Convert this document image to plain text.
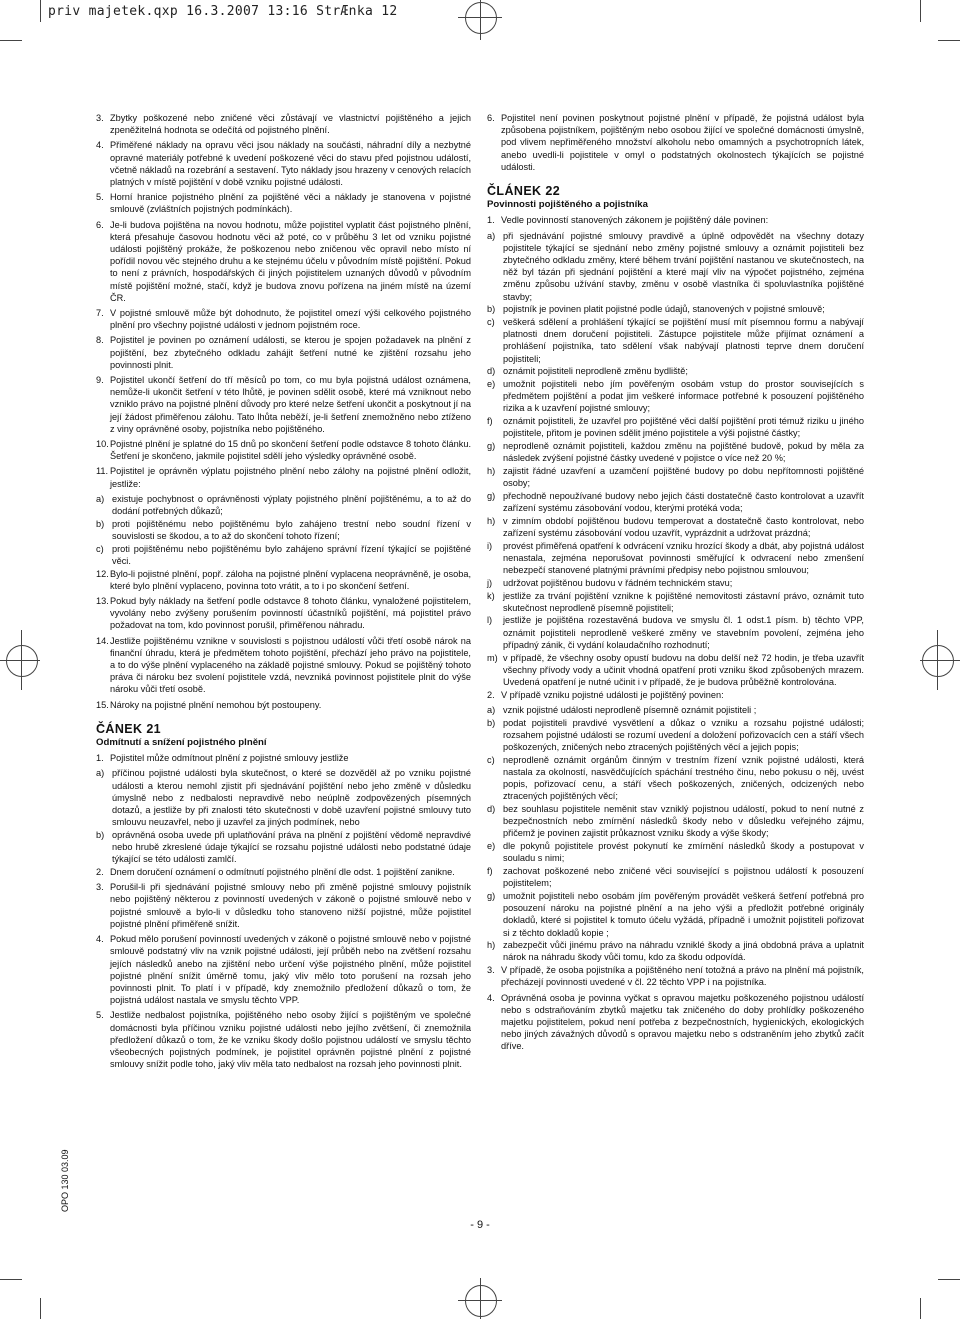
priv majetek.qxp 16.3.2007 13:16 StrÆnka 12
3. Zbytky poškozené nebo zničené věci zůstávají ve vlastnictví pojištěného a jejich zpeněžitelná hodnota se odečítá od pojistného plnění.
4. Přiměřené náklady na opravu věci jsou náklady na součásti, náhradní díly a nezbytné opravné materiály potřebné k uvedení poškozené věci do stavu před pojistnou událostí, včetně nákladů na rozebrání a sestavení. Tyto náklady jsou hrazeny v cenových relacích platných v místě pojištění v době vzniku pojistné události.
5. Horní hranice pojistného plnění za pojištěné věci a náklady je stanovena v pojistné smlouvě (zvláštních pojistných podmínkách).
6. Je-li budova pojištěna na novou hodnotu, může pojistitel vyplatit část pojistného plnění, která přesahuje časovou hodnotu věci až poté, co v průběhu 3 let od vzniku pojistné události pojištěný prokáže, že poškozenou nebo zničenou věc opravil nebo místo ní pořídil novou věc stejného druhu a ke stejnému účelu v původním místě pojištění. Pokud to není z právních, hospodářských či jiných pojistitelem uznaných důvodů v původním místě pojištění možné, stačí, když je budova znovu pořízena na jiném místě na území ČR.
7. V pojistné smlouvě může být dohodnuto, že pojistitel omezí výši celkového pojistného plnění pro všechny pojistné události v jednom pojistném roce.
8. Pojistitel je povinen po oznámení události, se kterou je spojen požadavek na plnění z pojištění, bez zbytečného odkladu zahájit šetření nutné ke zjištění rozsahu jeho povinnosti plnit.
9. Pojistitel ukončí šetření do tří měsíců po tom, co mu byla pojistná událost oznámena, nemůže-li ukončit šetření v této lhůtě, je povinen sdělit osobě, které má vzniknout nebo vzniklo právo na pojistné plnění důvody pro které nelze šetření ukončit a poskytnout jí na její žádost přiměřenou zálohu. Tato lhůta neběží, je-li šetření znemožněno nebo ztíženo z viny oprávněné osoby, pojistníka nebo pojištěného.
10. Pojistné plnění je splatné do 15 dnů po skončení šetření podle odstavce 8 tohoto článku. Šetření je skončeno, jakmile pojistitel sdělí jeho výsledky oprávněné osobě.
11. Pojistitel je oprávněn výplatu pojistného plnění nebo zálohy na pojistné plnění odložit, jestliže:
a) existuje pochybnost o oprávněnosti výplaty pojistného plnění pojištěnému, a to až do dodání potřebných důkazů;
b) proti pojištěnému nebo pojištěnému bylo zahájeno trestní nebo soudní řízení v souvislosti se škodou, a to až do skončení tohoto řízení;
c) proti pojištěnému nebo pojištěnému bylo zahájeno správní řízení týkající se pojištěné věci.
12. Bylo-li pojistné plnění, popř. záloha na pojistné plnění vyplacena neoprávněně, je osoba, které bylo plnění vyplaceno, povinna toto vrátit, a to i po skončení šetření.
13. Pokud byly náklady na šetření podle odstavce 8 tohoto článku, vynaložené pojistitelem, vyvolány nebo zvýšeny porušením povinností účastníků pojištění, má pojistitel právo požadovat na tom, kdo povinnost porušil, přiměřenou náhradu.
14. Jestliže pojištěnému vznikne v souvislosti s pojistnou událostí vůči třetí osobě nárok na finanční úhradu, která je předmětem tohoto pojištění, přechází jeho právo na pojistitele, a to do výše plnění vyplaceného na základě pojistné smlouvy. Pokud se pojištěný tohoto práva či nároku bez svolení pojistitele vzdá, nevzniká povinnost pojistitele plnit do výše nároku vůči třetí osobě.
15. Nároky na pojistné plnění nemohou být postoupeny.
ČÁNEK 21
Odmítnutí a snížení pojistného plnění
1. Pojistitel může odmítnout plnění z pojistné smlouvy jestliže
a) příčinou pojistné události byla skutečnost, o které se dozvěděl až po vzniku pojistné události a kterou nemohl zjistit při sjednávání pojištění nebo jeho změně v důsledku úmyslně nebo z nedbalosti nepravdivě nebo neúplně zodpovězených písemných dotazů, a jestliže by při znalosti této skutečnosti v době uzavření pojistné smlouvy tuto smlouvu neuzavřel, nebo ji uzavřel za jiných podmínek, nebo
b) oprávněná osoba uvede při uplatňování práva na plnění z pojištění vědomě nepravdivé nebo hrubě zkreslené údaje týkající se rozsahu pojistné události nebo podstatné údaje týkající se této události zamlčí.
2. Dnem doručení oznámení o odmítnutí pojistného plnění dle odst. 1 pojištění zanikne.
3. Porušil-li při sjednávání pojistné smlouvy nebo při změně pojistné smlouvy pojistník nebo pojištěný některou z povinností uvedených v zákoně o pojistné smlouvě nebo v pojistné smlouvě a bylo-li v důsledku toho stanoveno nižší pojistné, může pojistitel pojistné plnění přiměřeně snížit.
4. Pokud mělo porušení povinností uvedených v zákoně o pojistné smlouvě nebo v pojistné smlouvě podstatný vliv na vznik pojistné události, její průběh nebo na zvětšení rozsahu jejích následků anebo na zjištění nebo určení výše pojistného plnění, může pojistitel pojistné plnění snížit úměrně tomu, jaký vliv mělo toto porušení na rozsah jeho povinnosti plnit. To platí i v případě, kdy znemožnilo předložení důkazů o tom, že pojistná událost nastala ve smyslu těchto VPP.
5. Jestliže nedbalost pojistníka, pojištěného nebo osoby žijící s pojištěným ve společné domácnosti byla příčinou vzniku pojistné události nebo jejího zvětšení, či znemožnila předložení důkazů o tom, že ke vzniku škody došlo pojistnou událostí ve smyslu těchto všeobecných pojistných podmínek, je pojistitel oprávněn pojistné plnění z pojistné smlouvy snížit podle toho, jaký vliv měla tato nedbalost na rozsah jeho povinnosti plnit.
6. Pojistitel není povinen poskytnout pojistné plnění v případě, že pojistná událost byla způsobena pojistníkem, pojištěným nebo osobou žijící ve společné domácnosti úmyslně, pod vlivem nepřiměřeného množství alkoholu nebo omamných a psychotropních látek, anebo uvedli-li pojistitele v omyl o podstatných okolnostech týkajících se pojistné události.
ČLÁNEK 22
Povinnosti pojištěného a pojistníka
1. Vedle povinností stanovených zákonem je pojištěný dále povinen:
a) při sjednávání pojistné smlouvy pravdivě a úplně odpovědět na všechny dotazy pojistitele týkající se sjednání nebo změny pojistné smlouvy a oznámit pojistiteli bez zbytečného odkladu změny, které během trvání pojištění nastanou ve skutečnostech, na něž byl tázán při sjednání pojištění a které mají vliv na výpočet pojistného, zejména změnu způsobu užívání stavby, změnu v osobě vlastníka či spoluvlastníka pojištěné stavby;
b) pojistník je povinen platit pojistné podle údajů, stanovených v pojistné smlouvě;
c) veškerá sdělení a prohlášení týkající se pojištění musí mít písemnou formu a nabývají platnosti dnem doručení pojistiteli. Zástupce pojistitele může přijímat oznámení a prohlášení pojistníka, tato sdělení však nabývají platnosti teprve dnem doručení pojistiteli;
d) oznámit pojistiteli neprodleně změnu bydliště;
e) umožnit pojistiteli nebo jím pověřeným osobám vstup do prostor souvisejících s předmětem pojištění a podat jim veškeré informace potřebné k posouzení pojištěného rizika a k uzavření pojistné smlouvy;
f) oznámit pojistiteli, že uzavřel pro pojištěné věci další pojištění proti témuž riziku u jiného pojistitele, přitom je povinen sdělit jméno pojistitele a výši pojistné částky;
g) neprodleně oznámit pojistiteli, každou změnu na pojištěné budově, pokud by měla za následek zvýšení pojistné částky uvedené v pojistce o více než 20 %;
h) zajistit řádné uzavření a uzamčení pojištěné budovy po dobu nepřítomnosti pojištěné osoby;
g) přechodně nepoužívané budovy nebo jejich části dostatečně často kontrolovat a uzavřít zařízení systému zásobování vodou, kterými protéká voda;
h) v zimním období pojištěnou budovu temperovat a dostatečně často kontrolovat, nebo zařízení systému zásobování vodou uzavřít, vyprázdnit a udržovat prázdná;
i) provést přiměřená opatření k odvrácení vzniku hrozící škody a dbát, aby pojistná událost nenastala, zejména neporušovat povinnosti směřující k odvracení nebo zmenšení nebezpečí stanovené platnými právními předpisy nebo pojistnou smlouvou;
j) udržovat pojištěnou budovu v řádném technickém stavu;
k) jestliže za trvání pojištění vznikne k pojištěné nemovitosti zástavní právo, oznámit tuto skutečnost neprodleně písemně pojistiteli;
l) jestliže je pojištěna rozestavěná budova ve smyslu čl. 1 odst.1 písm. b) těchto VPP, oznámit pojistiteli neprodleně veškeré změny ve stavebním povolení, zejména jeho případný zánik, či vydání kolaudačního rozhodnutí;
m) v případě, že všechny osoby opustí budovu na dobu delší než 72 hodin, je třeba uzavřít všechny přívody vody a učinit vhodná opatření proti vzniku škod způsobených mrazem. Uvedená opatření je nutné učinit i v případě, že je budova průběžně kontrolována.
2. V případě vzniku pojistné události je pojištěný povinen:
a) vznik pojistné události neprodleně písemně oznámit pojistiteli ;
b) podat pojistiteli pravdivé vysvětlení a důkaz o vzniku a rozsahu pojistné události; rozsahem pojistné události se rozumí uvedení a doložení pořizovacích cen a stáří všech poškozených, zničených nebo ztracených pojištěných věcí a jejich popis;
c) neprodleně oznámit orgánům činným v trestním řízení vznik pojistné události, která nastala za okolností, nasvědčujících spáchání trestného činu, nebo pokusu o něj, uvést popis, pořizovací cenu, a stáří všech poškozených, zničených, odcizených nebo ztracených pojištěných věcí;
d) bez souhlasu pojistitele neměnit stav vzniklý pojistnou událostí, pokud to není nutné z bezpečnostních nebo zmírnění následků škody nebo v důsledku veřejného zájmu, přičemž je povinen zajistit průkaznost vzniku škody a výše škody;
e) dle pokynů pojistitele provést pokynutí ke zmírnění následků škody a postupovat v souladu s nimi;
f) zachovat poškozené nebo zničené věci související s pojistnou událostí k posouzení pojistitelem;
g) umožnit pojistiteli nebo osobám jím pověřeným provádět veškerá šetření potřebná pro posouzení nároku na pojistné plnění a na jeho výši a předložit potřebné originály dokladů, které si pojistitel k tomuto účelu vyžádá, případně i umožnit pojistiteli pořizovat si z těchto dokladů kopie ;
h) zabezpečit vůči jinému právo na náhradu vzniklé škody a jiná obdobná práva a uplatnit nárok na náhradu škody vůči tomu, kdo za škodu odpovídá.
3. V případě, že osoba pojistníka a pojištěného není totožná a právo na plnění má pojistník, přecházejí povinnosti uvedené v čl. 22 těchto VPP i na pojistníka.
4. Oprávněná osoba je povinna vyčkat s opravou majetku poškozeného pojistnou událostí nebo s odstraňováním zbytků majetku tak zničeného do doby prohlídky poškozeného majetku pojistitelem, pokud není potřeba z bezpečnostních, hygienických, ekologických nebo jiných závažných důvodů s opravou majetku nebo s odstraněním jeho zbytků začít dříve.
- 9 -
OPO 130 03.09
